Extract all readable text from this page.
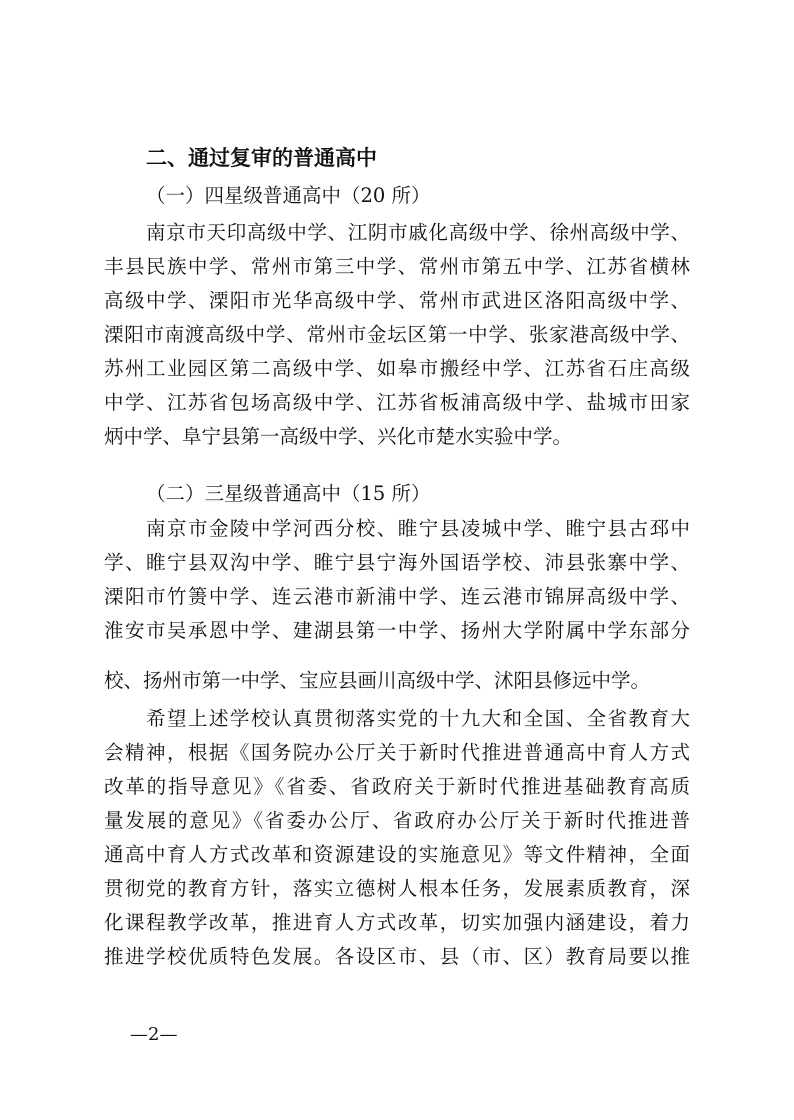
二、通过复审的普通高中
（一）四星级普通高中（20 所）
南京市天印高级中学、江阴市戚化高级中学、徐州高级中学、
丰县民族中学、常州市第三中学、常州市第五中学、江苏省横林
高级中学、溧阳市光华高级中学、常州市武进区洛阳高级中学、
溧阳市南渡高级中学、常州市金坛区第一中学、张家港高级中学、
苏州工业园区第二高级中学、如皋市搬经中学、江苏省石庄高级
中学、江苏省包场高级中学、江苏省板浦高级中学、盐城市田家
炳中学、阜宁县第一高级中学、兴化市楚水实验中学。
（二）三星级普通高中（15 所）
南京市金陵中学河西分校、睢宁县凌城中学、睢宁县古邳中
学、睢宁县双沟中学、睢宁县宁海外国语学校、沛县张寨中学、
溧阳市竹箦中学、连云港市新浦中学、连云港市锦屏高级中学、
淮安市吴承恩中学、建湖县第一中学、扬州大学附属中学东部分
校、扬州市第一中学、宝应县画川高级中学、沭阳县修远中学。
希望上述学校认真贯彻落实党的十九大和全国、全省教育大
会精神，根据《国务院办公厅关于新时代推进普通高中育人方式
改革的指导意见》《省委、省政府关于新时代推进基础教育高质
量发展的意见》《省委办公厅、省政府办公厅关于新时代推进普
通高中育人方式改革和资源建设的实施意见》等文件精神，全面
贯彻党的教育方针，落实立德树人根本任务，发展素质教育，深
化课程教学改革，推进育人方式改革，切实加强内涵建设，着力
推进学校优质特色发展。各设区市、县（市、区）教育局要以推
—2—
